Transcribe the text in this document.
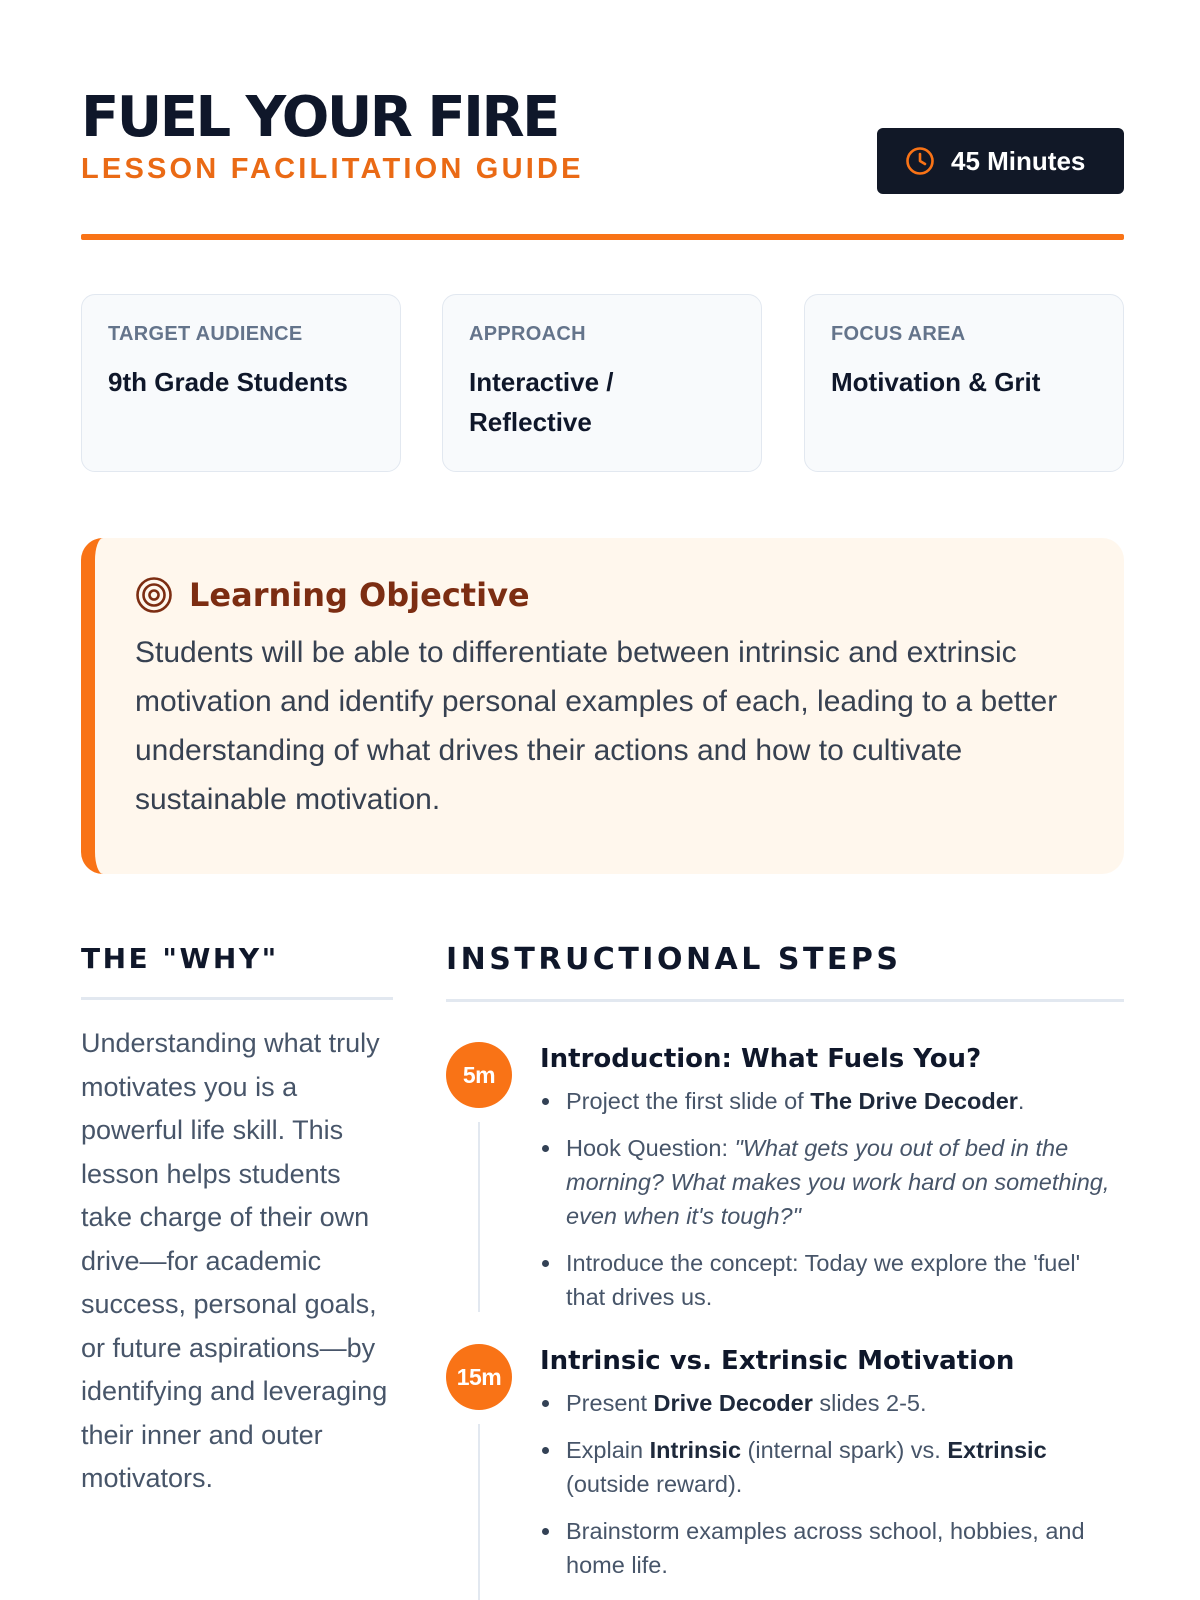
FUEL YOUR FIRE
LESSON FACILITATION GUIDE	45 Minutes
TARGET AUDIENCE
9th Grade Students
APPROACH
Interactive / Reflective
FOCUS AREA
Motivation & Grit
Learning Objective
Students will be able to differentiate between intrinsic and extrinsic motivation and identify personal examples of each, leading to a better understanding of what drives their actions and how to cultivate sustainable motivation.
THE "WHY"
Understanding what truly motivates you is a powerful life skill. This lesson helps students take charge of their own drive—for academic success, personal goals, or future aspirations—by identifying and leveraging their inner and outer motivators.
INSTRUCTIONAL STEPS
5m
Introduction: What Fuels You?
Project the first slide of The Drive Decoder.
Hook Question: "What gets you out of bed in the morning? What makes you work hard on something, even when it's tough?"
Introduce the concept: Today we explore the 'fuel' that drives us.
15m
Intrinsic vs. Extrinsic Motivation
Present Drive Decoder slides 2-5.
Explain Intrinsic (internal spark) vs. Extrinsic (outside reward).
Brainstorm examples across school, hobbies, and home life.
